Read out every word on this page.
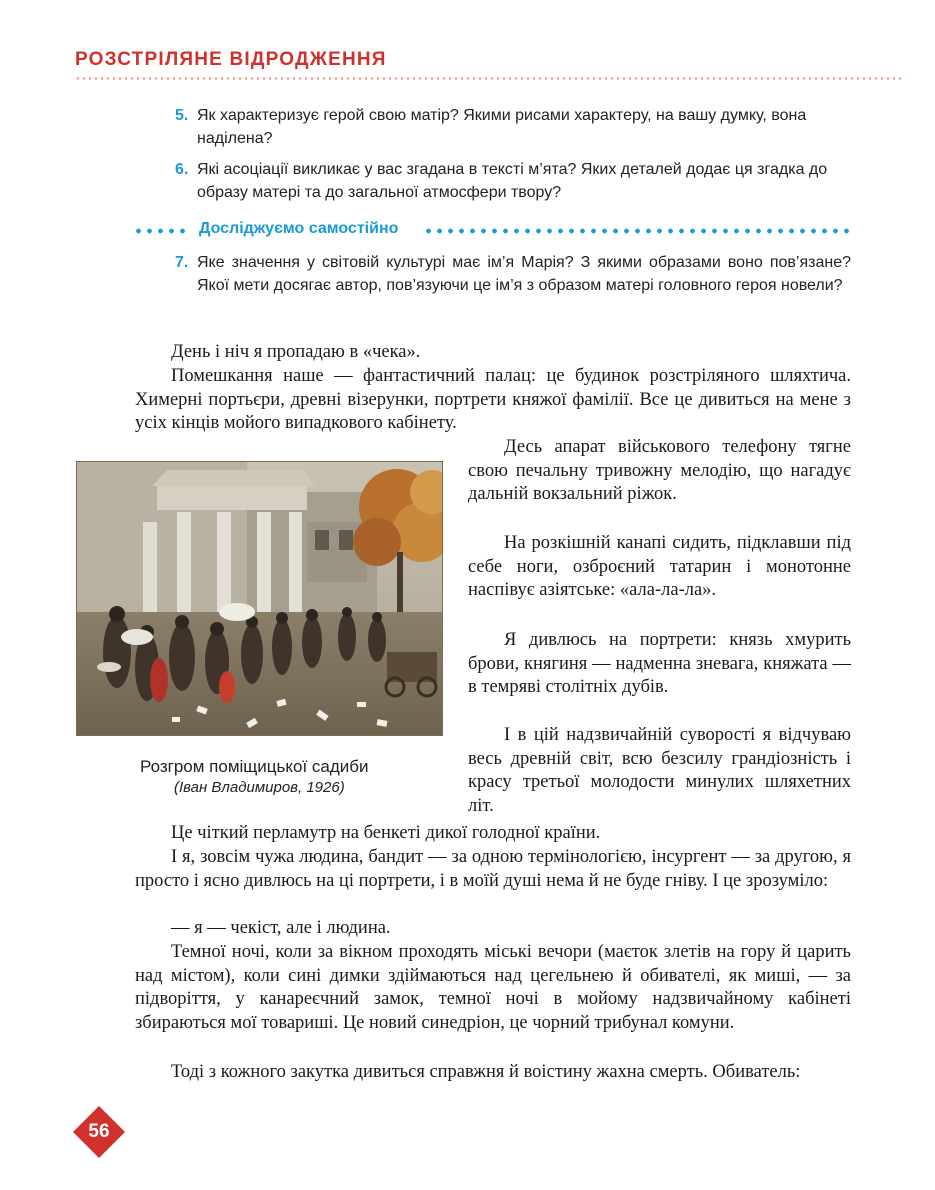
РОЗСТРІЛЯНЕ ВІДРОДЖЕННЯ
5. Як характеризує герой свою матір? Якими рисами характеру, на вашу думку, вона наділена?
6. Які асоціації викликає у вас згадана в тексті м’ята? Яких деталей додає ця згадка до образу матері та до загальної атмосфери твору?
Досліджуємо самостійно
7. Яке значення у світовій культурі має ім’я Марія? З якими образами воно пов’язане? Якої мети досягає автор, пов’язуючи це ім’я з образом матері головного героя новели?
День і ніч я пропадаю в «чека».
Помешкання наше — фантастичний палац: це будинок розстріляного шляхтича. Химерні портьєри, древні візерунки, портрети княжої фамілії. Все це дивиться на мене з усіх кінців мойого випадкового кабінету.
Десь апарат військового телефону тягне свою печальну тривожну мелодію, що нагадує дальній вокзальний ріжок.
На розкішній канапі сидить, підклавши під себе ноги, озброєний татарин і монотонне наспівує азіятське: «ала-ла-ла».
Я дивлюсь на портрети: князь хмурить брови, княгиня — надменна зневага, княжата — в темряві столітніх дубів.
І в цій надзвичайній суворості я відчуваю весь древній світ, всю безсилу грандіозність і красу третьої молодости минулих шляхетних літ.
Розгром поміщицької садиби
(Іван Владимиров, 1926)
Це чіткий перламутр на бенкеті дикої голодної країни.
І я, зовсім чужа людина, бандит — за одною термінологією, інсургент — за другою, я просто і ясно дивлюсь на ці портрети, і в моїй душі нема й не буде гніву. І це зрозуміло:
— я — чекіст, але і людина.
Темної ночі, коли за вікном проходять міські вечори (маєток злетів на гору й царить над містом), коли сині димки здіймаються над цегельнею й обивателі, як миші, — за підворіття, у канареєчний замок, темної ночі в мойому надзвичайному кабінеті збираються мої товариші. Це новий синедріон, це чорний трибунал комуни.
Тоді з кожного закутка дивиться справжня й воістину жахна смерть. Обиватель:
56
